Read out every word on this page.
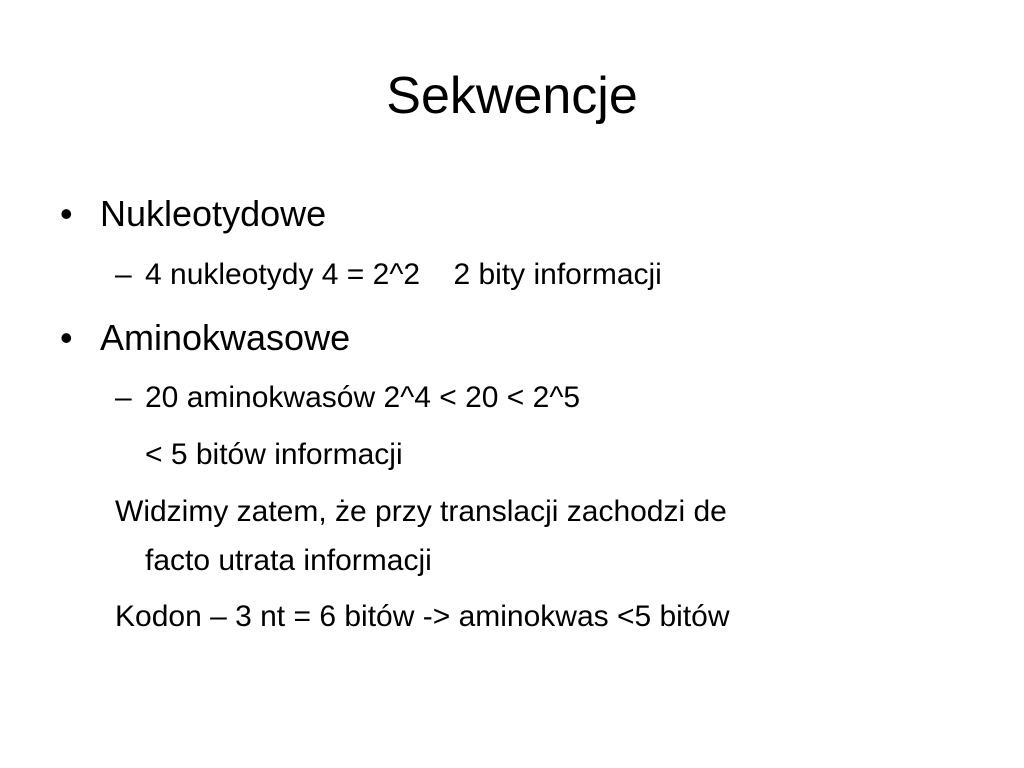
Sekwencje
• Nukleotydowe
– 4 nukleotydy 4 = 2^2    2 bity informacji
• Aminokwasowe
– 20 aminokwasów 2^4 < 20 < 2^5
< 5 bitów informacji
Widzimy zatem, że przy translacji zachodzi de
facto utrata informacji
Kodon – 3 nt = 6 bitów -> aminokwas <5 bitów
